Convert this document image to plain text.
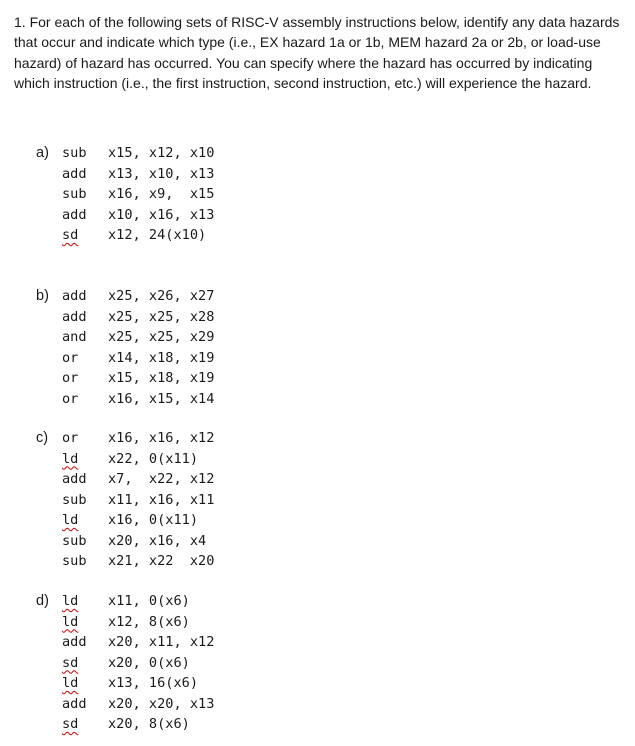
1. For each of the following sets of RISC-V assembly instructions below, identify any data hazards that occur and indicate which type (i.e., EX hazard 1a or 1b, MEM hazard 2a or 2b, or load-use hazard) of hazard has occurred. You can specify where the hazard has occurred by indicating which instruction (i.e., the first instruction, second instruction, etc.) will experience the hazard.

a) sub	x15, x12, x10
add	x13, x10, x13
sub	x16, x9,  x15
add	x10, x16, x13
sd	x12, 24(x10)
b) add	x25, x26, x27
add	x25, x25, x28
and	x25, x25, x29
or	x14, x18, x19
or	x15, x18, x19
or	x16, x15, x14
c)	or	x16, x16, x12
ld	x22, 0(x11)
add	x7,  x22, x12
sub	x11, x16, x11
ld	x16, 0(x11)
sub	x20, x16, x4
sub	x21, x22  x20
d) ld	x11, 0(x6)
ld	x12, 8(x6)
add	x20, x11, x12
sd	x20, 0(x6)
ld	x13, 16(x6)
add	x20, x20, x13
sd	x20, 8(x6)
